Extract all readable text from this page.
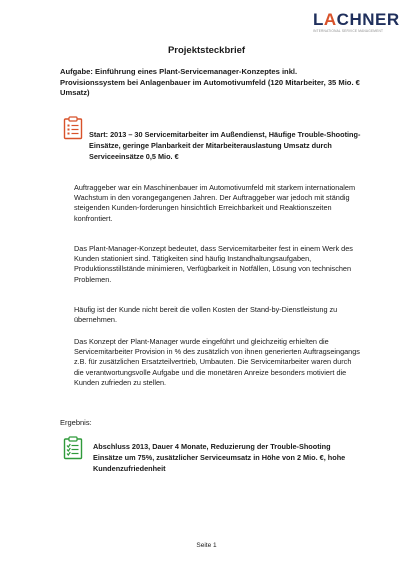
LACHNER
INTERNATIONAL SERVICE MANAGEMENT
Projektsteckbrief
Aufgabe: Einführung eines Plant-Servicemanager-Konzeptes inkl. Provisionssystem bei Anlagenbauer im Automotivumfeld (120 Mitarbeiter, 35 Mio. € Umsatz)
Start: 2013 – 30 Servicemitarbeiter im Außendienst, Häufige Trouble-Shooting-Einsätze, geringe Planbarkeit der Mitarbeiterauslastung Umsatz durch Serviceeinsätze 0,5 Mio. €
Auftraggeber war ein Maschinenbauer im Automotivumfeld mit starkem internationalem Wachstum in den vorangegangenen Jahren. Der Auftraggeber war jedoch mit ständig steigenden Kunden-forderungen hinsichtlich Erreichbarkeit und Reaktionszeiten konfrontiert.
Das Plant-Manager-Konzept bedeutet, dass Servicemitarbeiter fest in einem Werk des Kunden stationiert sind. Tätigkeiten sind häufig Instandhaltungsaufgaben, Produktionsstillstände minimieren, Verfügbarkeit in Notfällen, Lösung von technischen Problemen.
Häufig ist der Kunde nicht bereit die vollen Kosten der Stand-by-Dienstleistung zu übernehmen.
Das Konzept der Plant-Manager wurde eingeführt und gleichzeitig erhielten die Servicemitarbeiter Provision in % des zusätzlich von ihnen generierten Auftragseingangs z.B. für zusätzlichen Ersatzteilvertrieb, Umbauten. Die Servicemitarbeiter waren durch die verantwortungsvolle Aufgabe und die monetären Anreize besonders motiviert die Kunden zufrieden zu stellen.
Ergebnis:
Abschluss 2013, Dauer 4 Monate, Reduzierung der Trouble-Shooting Einsätze um 75%, zusätzlicher Serviceumsatz in Höhe von 2 Mio. €, hohe Kundenzufriedenheit
Seite 1
